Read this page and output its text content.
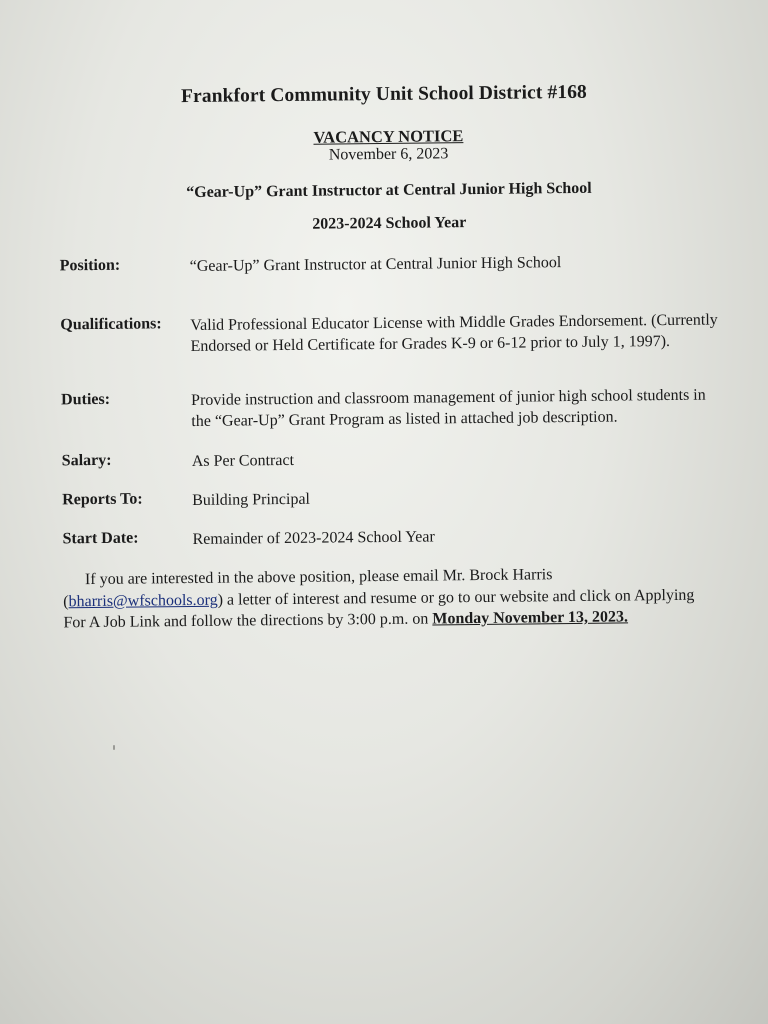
Frankfort Community Unit School District #168
VACANCY NOTICE
November 6, 2023
“Gear-Up” Grant Instructor at Central Junior High School
2023-2024 School Year
Position:	“Gear-Up” Grant Instructor at Central Junior High School
Qualifications: Valid Professional Educator License with Middle Grades Endorsement. (Currently Endorsed or Held Certificate for Grades K-9 or 6-12 prior to July 1, 1997).
Duties:	Provide instruction and classroom management of junior high school students in the “Gear-Up” Grant Program as listed in attached job description.
Salary:	As Per Contract
Reports To:	Building Principal
Start Date:	Remainder of 2023-2024 School Year
If you are interested in the above position, please email Mr. Brock Harris (bharris@wfschools.org) a letter of interest and resume or go to our website and click on Applying For A Job Link and follow the directions by 3:00 p.m. on Monday November 13, 2023.
